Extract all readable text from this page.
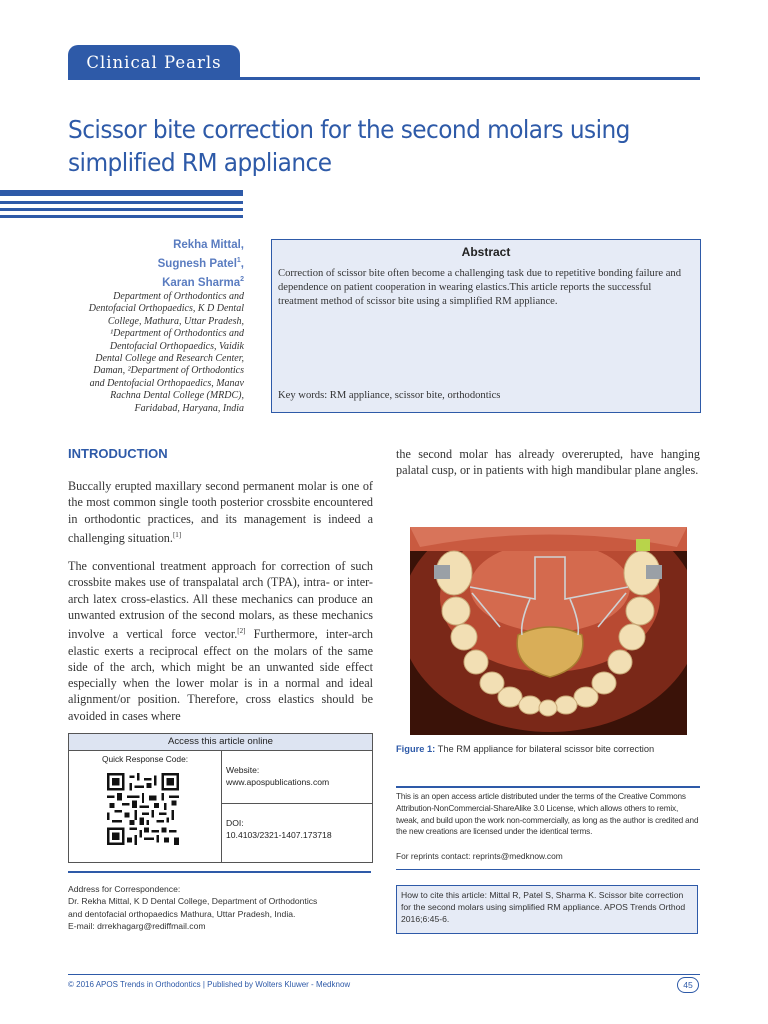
Clinical Pearls
Scissor bite correction for the second molars using
simplified RM appliance
Rekha Mittal,
Sugnesh Patel$^1$,
Karan Sharma$^2$
Department of Orthodontics and
Dentofacial Orthopaedics, K D Dental
College, Mathura, Uttar Pradesh,
¹Department of Orthodontics and
Dentofacial Orthopaedics, Vaidik
Dental College and Research Center,
Daman, ²Department of Orthodontics
and Dentofacial Orthopaedics, Manav
Rachna Dental College (MRDC),
Faridabad, Haryana, India
Abstract
Correction of scissor bite often become a challenging task due to repetitive bonding failure and dependence on patient cooperation in wearing elastics.This article reports the successful treatment method of scissor bite using a simplified RM appliance.
Key words: RM appliance, scissor bite, orthodontics
INTRODUCTION
Buccally erupted maxillary second permanent molar is one of the most common single tooth posterior crossbite encountered in orthodontic practices, and its management is indeed a challenging situation.[1]
The conventional treatment approach for correction of such crossbite makes use of transpalatal arch (TPA), intra- or inter-arch latex cross-elastics. All these mechanics can produce an unwanted extrusion of the second molars, as these mechanics involve a vertical force vector.[2] Furthermore, inter-arch elastic exerts a reciprocal effect on the molars of the same side of the arch, which might be an unwanted side effect especially when the lower molar is in a normal and ideal alignment/or position. Therefore, cross elastics should be avoided in cases where
the second molar has already overerupted, have hanging palatal cusp, or in patients with high mandibular plane angles.
Figure 1: The RM appliance for bilateral scissor bite correction
Access this article online
Quick Response Code:
Website:
www.apospublications.com
DOI:
10.4103/2321-1407.173718
This is an open access article distributed under the terms of the Creative Commons Attribution-NonCommercial-ShareAlike 3.0 License, which allows others to remix, tweak, and build upon the work non-commercially, as long as the author is credited and the new creations are licensed under the identical terms.
For reprints contact: reprints@medknow.com
Address for Correspondence:
Dr. Rekha Mittal, K D Dental College, Department of Orthodontics
and dentofacial orthopaedics Mathura, Uttar Pradesh, India.
E-mail: drrekhagarg@rediffmail.com
How to cite this article: Mittal R, Patel S, Sharma K. Scissor bite correction for the second molars using simplified RM appliance. APOS Trends Orthod 2016;6:45-6.
© 2016 APOS Trends in Orthodontics | Published by Wolters Kluwer - Medknow	45
